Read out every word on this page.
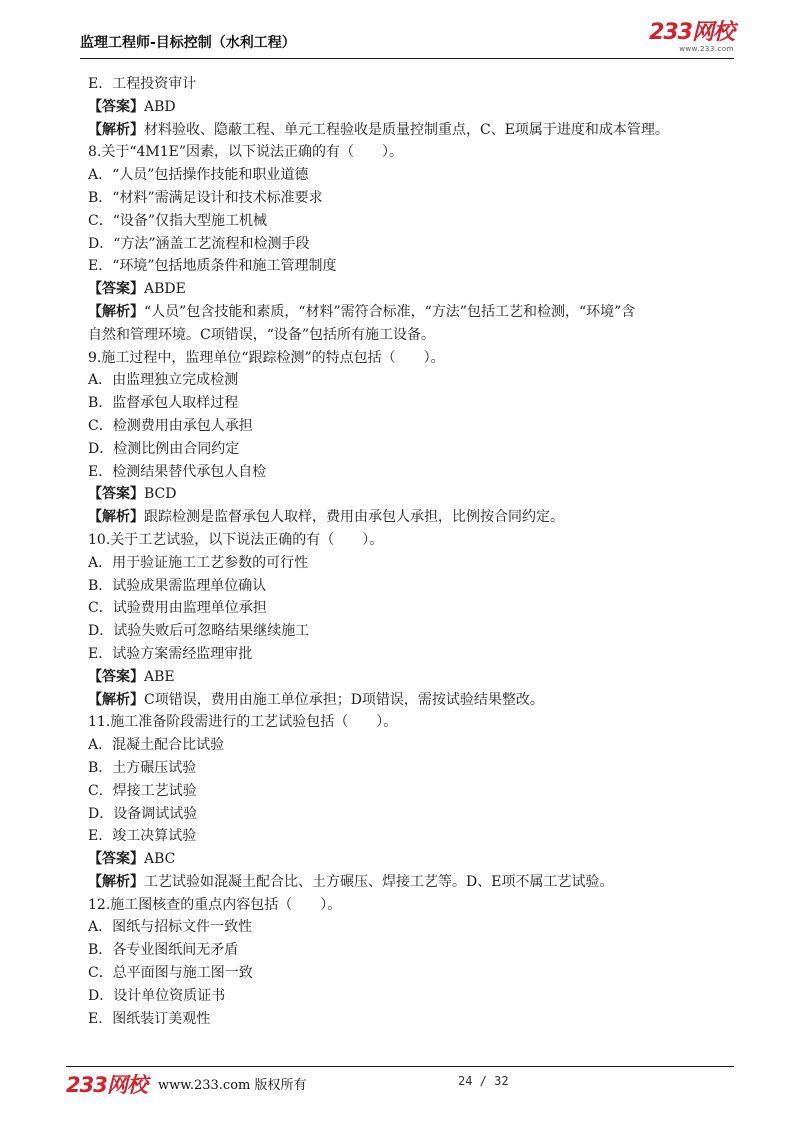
监理工程师-目标控制（水利工程）	233网校
www.233.com
E．工程投资审计
【答案】ABD
【解析】材料验收、隐蔽工程、单元工程验收是质量控制重点，C、E项属于进度和成本管理。
8.关于“4M1E”因素，以下说法正确的有（　　）。
A．“人员”包括操作技能和职业道德
B．“材料”需满足设计和技术标准要求
C．“设备”仅指大型施工机械
D．“方法”涵盖工艺流程和检测手段
E．“环境”包括地质条件和施工管理制度
【答案】ABDE
【解析】“人员”包含技能和素质，“材料”需符合标准，“方法”包括工艺和检测，“环境”含
自然和管理环境。C项错误，“设备”包括所有施工设备。
9.施工过程中，监理单位“跟踪检测”的特点包括（　　）。
A．由监理独立完成检测
B．监督承包人取样过程
C．检测费用由承包人承担
D．检测比例由合同约定
E．检测结果替代承包人自检
【答案】BCD
【解析】跟踪检测是监督承包人取样，费用由承包人承担，比例按合同约定。
10.关于工艺试验，以下说法正确的有（　　）。
A．用于验证施工工艺参数的可行性
B．试验成果需监理单位确认
C．试验费用由监理单位承担
D．试验失败后可忽略结果继续施工
E．试验方案需经监理审批
【答案】ABE
【解析】C项错误，费用由施工单位承担；D项错误，需按试验结果整改。
11.施工准备阶段需进行的工艺试验包括（　　）。
A．混凝土配合比试验
B．土方碾压试验
C．焊接工艺试验
D．设备调试试验
E．竣工决算试验
【答案】ABC
【解析】工艺试验如混凝土配合比、土方碾压、焊接工艺等。D、E项不属工艺试验。
12.施工图核查的重点内容包括（　　）。
A．图纸与招标文件一致性
B．各专业图纸间无矛盾
C．总平面图与施工图一致
D．设计单位资质证书
E．图纸装订美观性
233网校 www.233.com 版权所有	24 / 32
